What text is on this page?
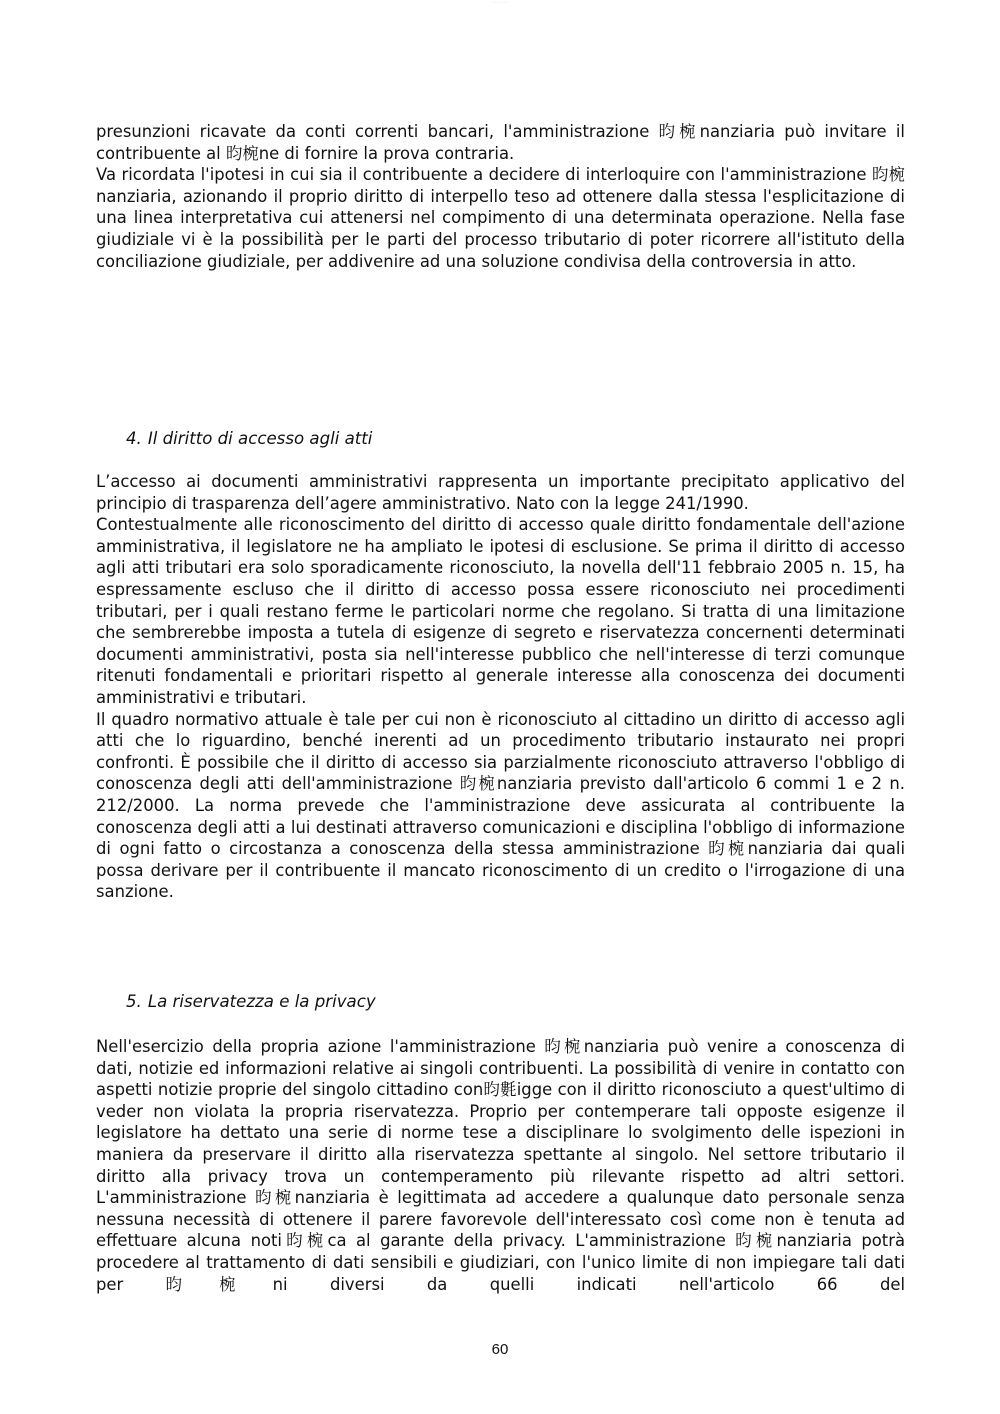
- - - - - -

presunzioni ricavate da conti correnti bancari, l'amministrazione 昀椀nanziaria può invitare il contribuente al 昀椀ne di fornire la prova contraria.

Va ricordata l'ipotesi in cui sia il contribuente a decidere di interloquire con l'amministrazione 昀椀nanziaria, azionando il proprio diritto di interpello teso ad ottenere dalla stessa l'esplicitazione di una linea interpretativa cui attenersi nel compimento di una determinata operazione. Nella fase giudiziale vi è la possibilità per le parti del processo tributario di poter ricorrere all'istituto della conciliazione giudiziale, per addivenire ad una soluzione condivisa della controversia in atto.

4. Il diritto di accesso agli atti

L’accesso ai documenti amministrativi rappresenta un importante precipitato applicativo del principio di trasparenza dell’agere amministrativo. Nato con la legge 241/1990.

Contestualmente alle riconoscimento del diritto di accesso quale diritto fondamentale dell'azione amministrativa, il legislatore ne ha ampliato le ipotesi di esclusione. Se prima il diritto di accesso agli atti tributari era solo sporadicamente riconosciuto, la novella dell'11 febbraio 2005 n. 15, ha espressamente escluso che il diritto di accesso possa essere riconosciuto nei procedimenti tributari, per i quali restano ferme le particolari norme che regolano. Si tratta di una limitazione che sembrerebbe imposta a tutela di esigenze di segreto e riservatezza concernenti determinati documenti amministrativi, posta sia nell'interesse pubblico che nell'interesse di terzi comunque ritenuti fondamentali e prioritari rispetto al generale interesse alla conoscenza dei documenti amministrativi e tributari.

Il quadro normativo attuale è tale per cui non è riconosciuto al cittadino un diritto di accesso agli atti che lo riguardino, benché inerenti ad un procedimento tributario instaurato nei propri confronti. È possibile che il diritto di accesso sia parzialmente riconosciuto attraverso l'obbligo di conoscenza degli atti dell'amministrazione 昀椀nanziaria previsto dall'articolo 6 commi 1 e 2 n. 212/2000. La norma prevede che l'amministrazione deve assicurata al contribuente la conoscenza degli atti a lui destinati attraverso comunicazioni e disciplina l'obbligo di informazione di ogni fatto o circostanza a conoscenza della stessa amministrazione 昀椀nanziaria dai quali possa derivare per il contribuente il mancato riconoscimento di un credito o l'irrogazione di una sanzione.

5. La riservatezza e la privacy

Nell'esercizio della propria azione l'amministrazione 昀椀nanziaria può venire a conoscenza di dati, notizie ed informazioni relative ai singoli contribuenti. La possibilità di venire in contatto con aspetti notizie proprie del singolo cittadino con昀氀igge con il diritto riconosciuto a quest'ultimo di veder non violata la propria riservatezza. Proprio per contemperare tali opposte esigenze il legislatore ha dettato una serie di norme tese a disciplinare lo svolgimento delle ispezioni in maniera da preservare il diritto alla riservatezza spettante al singolo. Nel settore tributario il diritto alla privacy trova un contemperamento più rilevante rispetto ad altri settori. L'amministrazione 昀椀nanziaria è legittimata ad accedere a qualunque dato personale senza nessuna necessità di ottenere il parere favorevole dell'interessato così come non è tenuta ad effettuare alcuna noti昀椀ca al garante della privacy. L'amministrazione 昀椀nanziaria potrà procedere al trattamento di dati sensibili e giudiziari, con l'unico limite di non impiegare tali dati per 昀椀ni diversi da quelli indicati nell'articolo 66 del

60
